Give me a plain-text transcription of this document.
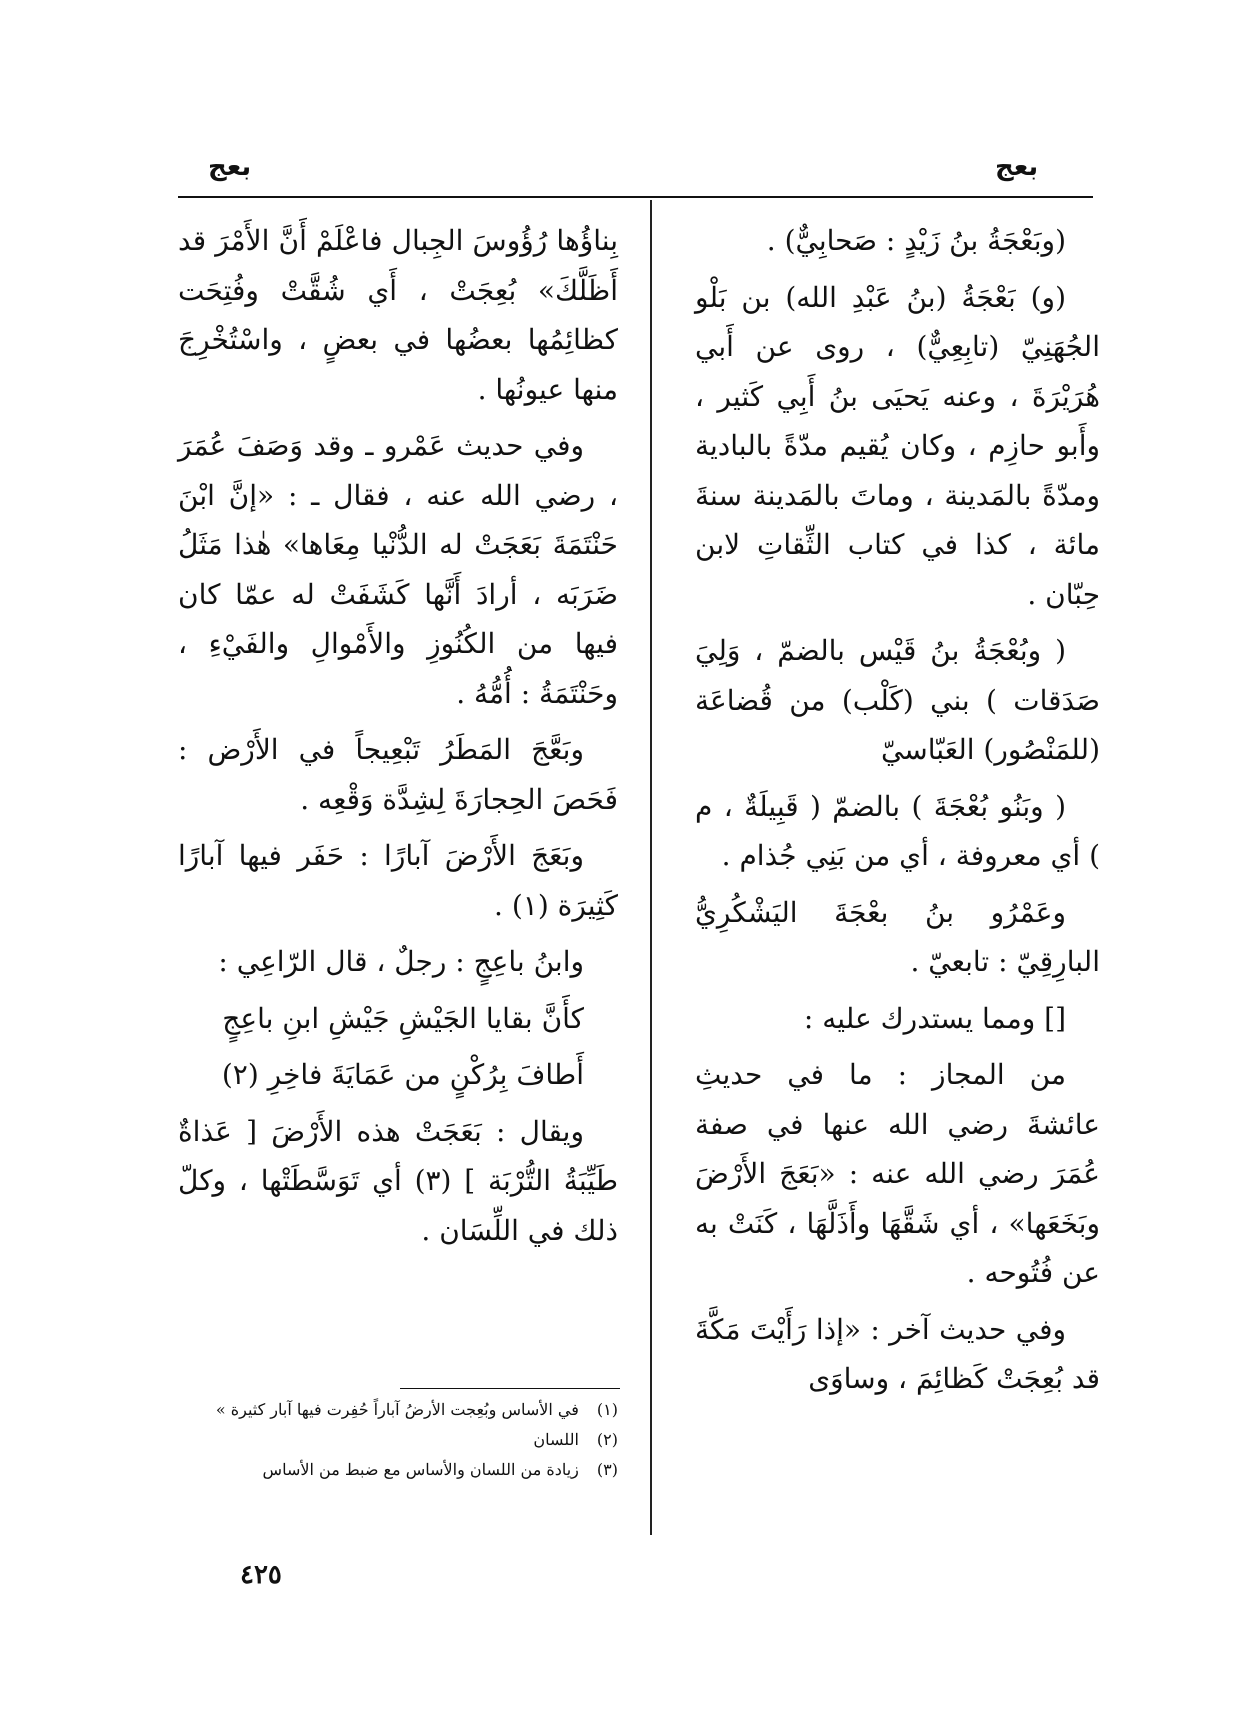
بعج
بعج

(وبَعْجَةُ بنُ زَيْدٍ : صَحابِيٌّ) .

(و) بَعْجَةُ (بنُ عَبْدِ الله) بن بَلْو الجُهَنِيّ (تابِعِيٌّ) ، روى عن أَبي هُرَيْرَةَ ، وعنه يَحيَى بنُ أَبِي كَثير ، وأَبو حازِم ، وكان يُقيم مدّةً بالبادية ومدّةً بالمَدينة ، وماتَ بالمَدينة سنةَ مائة ، كذا في كتاب الثِّقاتِ لابن حِبّان .

( وبُعْجَةُ بنُ قَيْس بالضمّ ، وَلِيَ صَدَقات ) بني (كَلْب) من قُضاعَة (للمَنْصُور) العَبّاسيّ

( وبَنُو بُعْجَةَ ) بالضمّ ( قَبِيلَةٌ ، م ) أي معروفة ، أي من بَنِي جُذام .

وعَمْرُو بنُ بعْجَةَ اليَشْكُرِيُّ البارِقِيّ : تابعيّ .

[] ومما يستدرك عليه :

من المجاز : ما في حديثِ عائشةَ رضي الله عنها في صفة عُمَرَ رضي الله عنه : «بَعَجَ الأَرْضَ وبَخَعَها» ، أي شَقَّهَا وأَذَلَّهَا ، كَنَتْ به عن فُتُوحه .

وفي حديث آخر : «إذا رَأَيْتَ مَكَّةَ قد بُعِجَتْ كَظائِمَ ، وساوَى

بِناؤُها رُؤُوسَ الجِبال فاعْلَمْ أَنَّ الأَمْرَ قد أَظَلَّكَ» بُعِجَتْ ، أَي شُقَّتْ وفُتِحَت كظائِمُها بعضُها في بعضٍ ، واسْتُخْرِجَ منها عيونُها .

وفي حديث عَمْرو ـ وقد وَصَفَ عُمَرَ ، رضي الله عنه ، فقال ـ : «إنَّ ابْنَ حَنْتَمَةَ بَعَجَتْ له الدُّنْيا مِعَاها» هٰذا مَثَلُ ضَرَبَه ، أرادَ أَنَّها كَشَفَتْ له عمّا كان فيها من الكُنُوزِ والأَمْوالِ والفَيْءِ ، وحَنْتَمَةُ : أُمُّهُ .

وبَعَّجَ المَطَرُ تَبْعِيجاً في الأَرْض : فَحَصَ الحِجارَةَ لِشِدَّة وَقْعِه .

وبَعَجَ الأَرْضَ آبارًا : حَفَر فيها آبارًا كَثِيرَة (١) .

وابنُ باعِجٍ : رجلٌ ، قال الرّاعِي :

كأَنَّ بقايا الجَيْشِ جَيْشِ ابنِ باعِجٍ

أَطافَ بِرُكْنٍ من عَمَايَةَ فاخِرِ (٢)

ويقال : بَعَجَتْ هذه الأَرْضَ [ عَذاةٌ طَيِّبَةُ التُّرْبَة ] (٣) أي تَوَسَّطَتْها ، وكلّ ذلك في اللِّسَان .

(١) في الأساس وبُعِجت الأرضُ آباراً حُفِرت فيها آبار كثيرة »
(٢) اللسان
(٣) زيادة من اللسان والأساس مع ضبط من الأساس
٤٢٥
